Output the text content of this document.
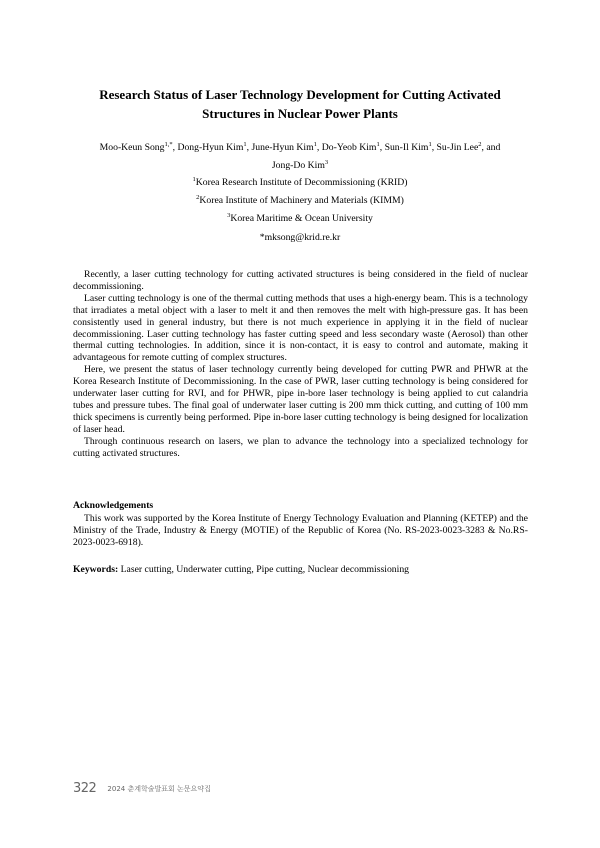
Research Status of Laser Technology Development for Cutting Activated
Structures in Nuclear Power Plants
Moo-Keun Song$^{1,*}$, Dong-Hyun Kim$^1$, June-Hyun Kim$^1$, Do-Yeob Kim$^1$, Sun-Il Kim$^1$, Su-Jin Lee$^2$, and
Jong-Do Kim$^3$
$^1$Korea Research Institute of Decommissioning (KRID)
$^2$Korea Institute of Machinery and Materials (KIMM)
$^3$Korea Maritime & Ocean University
*mksong@krid.re.kr

Recently, a laser cutting technology for cutting activated structures is being considered in the field of nuclear decommissioning.

Laser cutting technology is one of the thermal cutting methods that uses a high-energy beam. This is a technology that irradiates a metal object with a laser to melt it and then removes the melt with high-pressure gas. It has been consistently used in general industry, but there is not much experience in applying it in the field of nuclear decommissioning. Laser cutting technology has faster cutting speed and less secondary waste (Aerosol) than other thermal cutting technologies. In addition, since it is non-contact, it is easy to control and automate, making it advantageous for remote cutting of complex structures.

Here, we present the status of laser technology currently being developed for cutting PWR and PHWR at the Korea Research Institute of Decommissioning. In the case of PWR, laser cutting technology is being considered for underwater laser cutting for RVI, and for PHWR, pipe in-bore laser technology is being applied to cut calandria tubes and pressure tubes. The final goal of underwater laser cutting is 200 mm thick cutting, and cutting of 100 mm thick specimens is currently being performed. Pipe in-bore laser cutting technology is being designed for localization of laser head.

Through continuous research on lasers, we plan to advance the technology into a specialized technology for cutting activated structures.

Acknowledgements
This work was supported by the Korea Institute of Energy Technology Evaluation and Planning (KETEP) and the Ministry of the Trade, Industry & Energy (MOTIE) of the Republic of Korea (No. RS-2023-0023-3283 & No.RS-2023-0023-6918).
Keywords: Laser cutting, Underwater cutting, Pipe cutting, Nuclear decommissioning
322 2024 춘계학술발표회 논문요약집
